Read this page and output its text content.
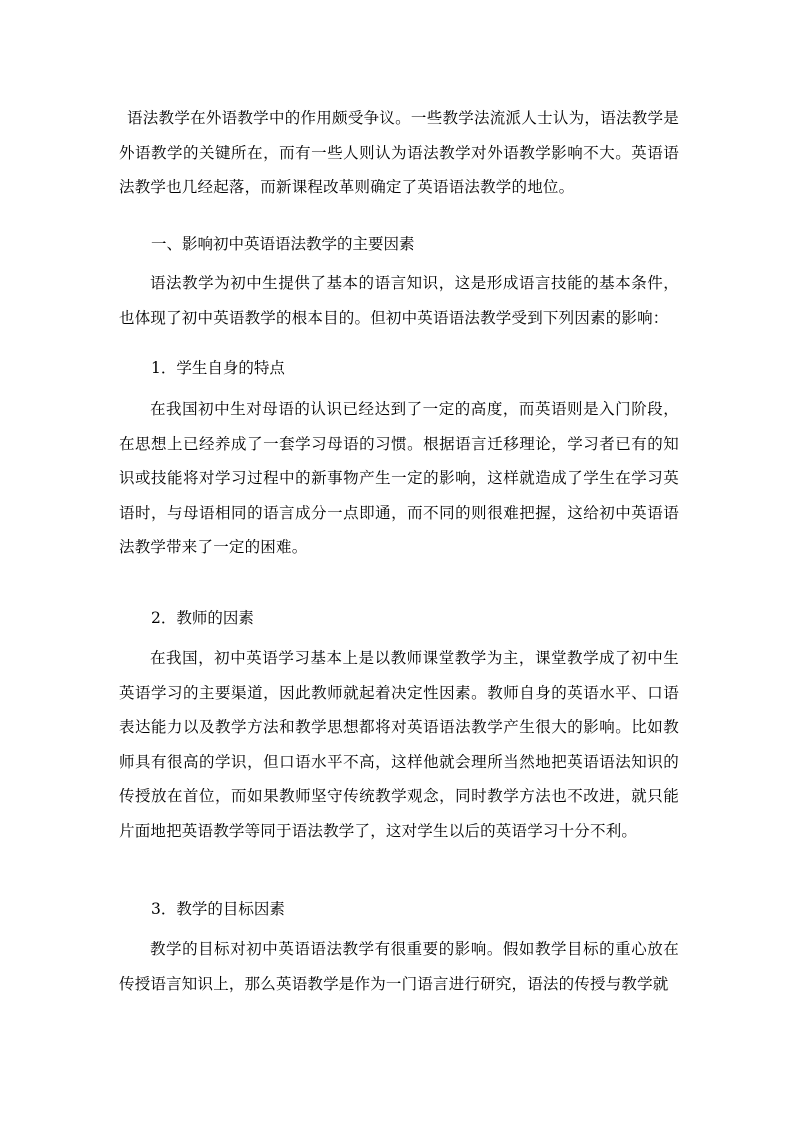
语法教学在外语教学中的作用颇受争议。一些教学法流派人士认为，语法教学是外语教学的关键所在，而有一些人则认为语法教学对外语教学影响不大。英语语法教学也几经起落，而新课程改革则确定了英语语法教学的地位。

一、影响初中英语语法教学的主要因素

语法教学为初中生提供了基本的语言知识，这是形成语言技能的基本条件，也体现了初中英语教学的根本目的。但初中英语语法教学受到下列因素的影响：

1．学生自身的特点

在我国初中生对母语的认识已经达到了一定的高度，而英语则是入门阶段，在思想上已经养成了一套学习母语的习惯。根据语言迁移理论，学习者已有的知识或技能将对学习过程中的新事物产生一定的影响，这样就造成了学生在学习英语时，与母语相同的语言成分一点即通，而不同的则很难把握，这给初中英语语法教学带来了一定的困难。

2．教师的因素

在我国，初中英语学习基本上是以教师课堂教学为主，课堂教学成了初中生英语学习的主要渠道，因此教师就起着决定性因素。教师自身的英语水平、口语表达能力以及教学方法和教学思想都将对英语语法教学产生很大的影响。比如教师具有很高的学识，但口语水平不高，这样他就会理所当然地把英语语法知识的传授放在首位，而如果教师坚守传统教学观念，同时教学方法也不改进，就只能片面地把英语教学等同于语法教学了，这对学生以后的英语学习十分不利。

3．教学的目标因素

教学的目标对初中英语语法教学有很重要的影响。假如教学目标的重心放在传授语言知识上，那么英语教学是作为一门语言进行研究，语法的传授与教学就
